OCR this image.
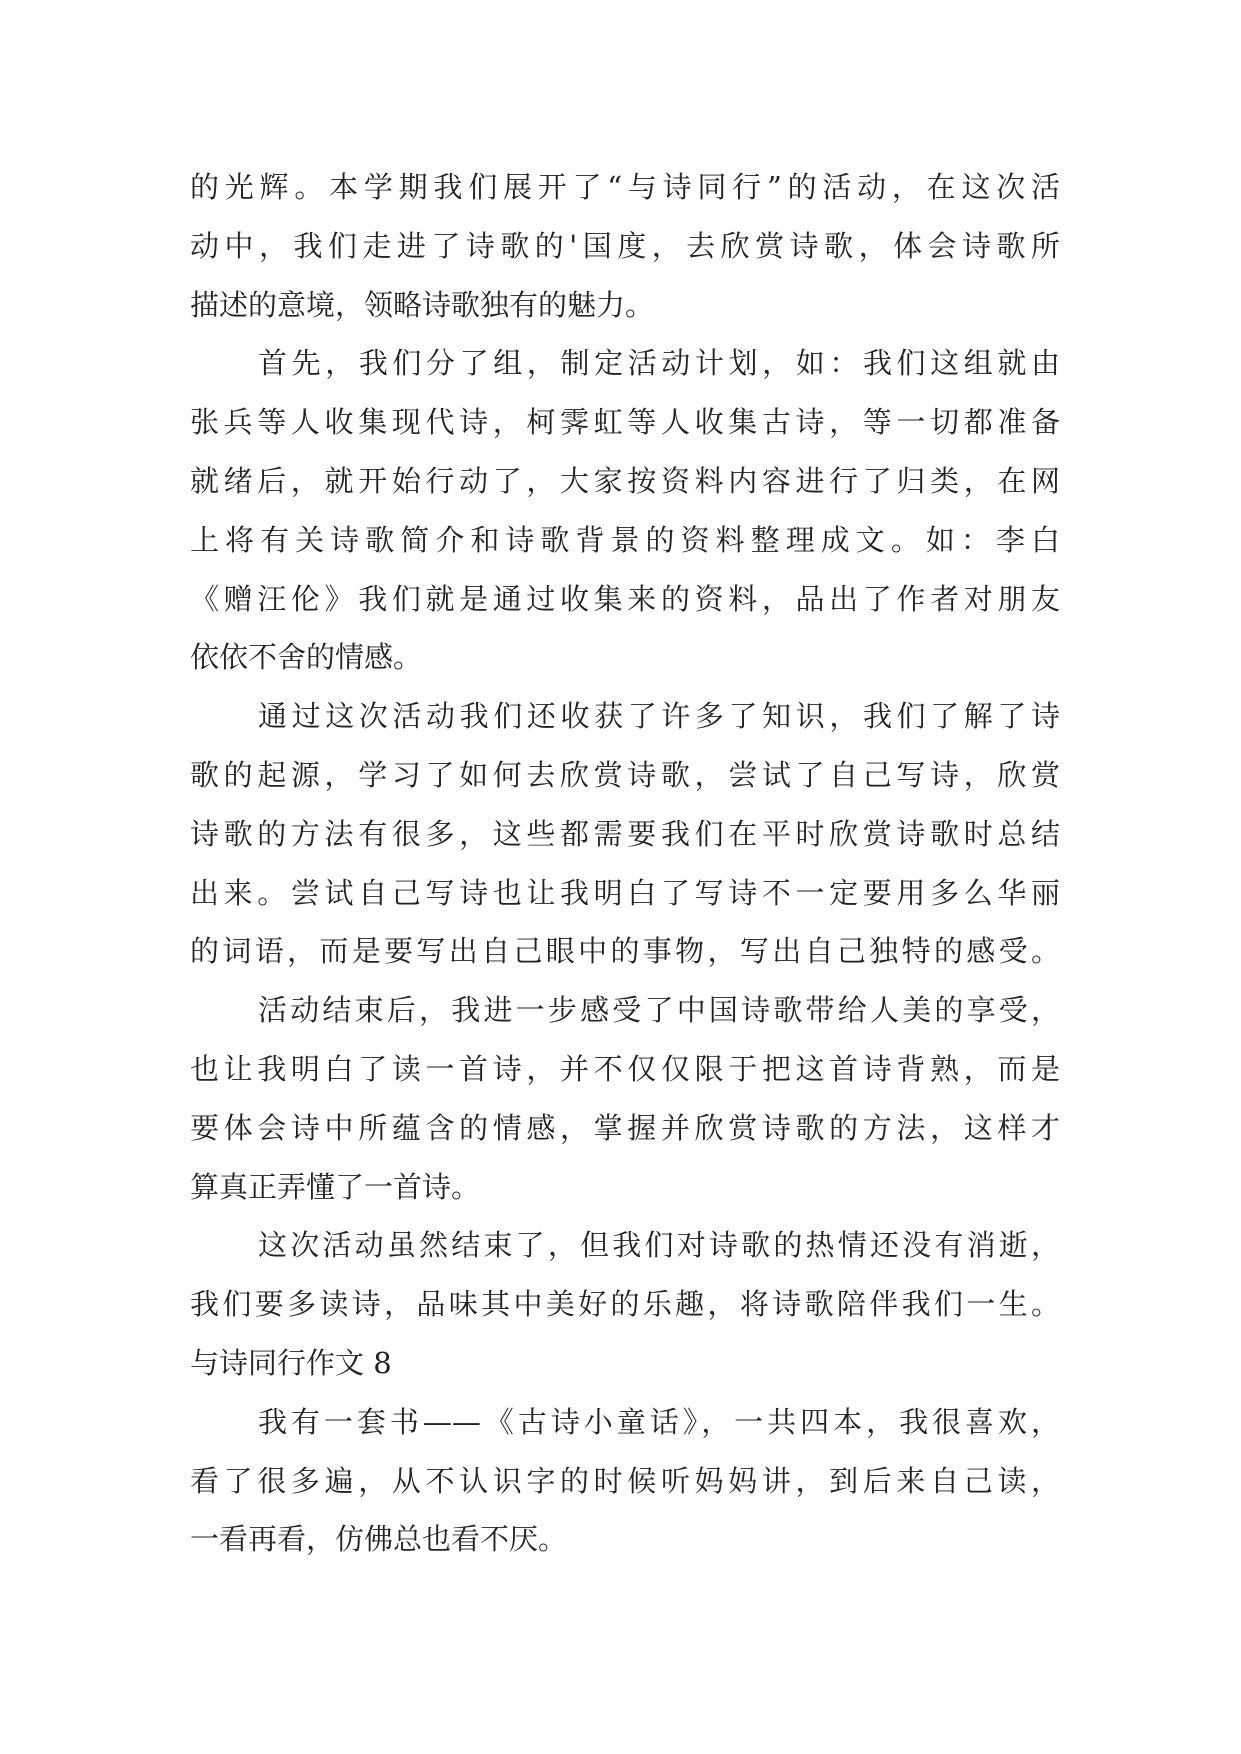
的光辉。本学期我们展开了“与诗同行”的活动，在这次活
动中，我们走进了诗歌的'国度，去欣赏诗歌，体会诗歌所
描述的意境，领略诗歌独有的魅力。
首先，我们分了组，制定活动计划，如：我们这组就由
张兵等人收集现代诗，柯霁虹等人收集古诗，等一切都准备
就绪后，就开始行动了，大家按资料内容进行了归类，在网
上将有关诗歌简介和诗歌背景的资料整理成文。如：李白
《赠汪伦》我们就是通过收集来的资料，品出了作者对朋友
依依不舍的情感。
通过这次活动我们还收获了许多了知识，我们了解了诗
歌的起源，学习了如何去欣赏诗歌，尝试了自己写诗，欣赏
诗歌的方法有很多，这些都需要我们在平时欣赏诗歌时总结
出来。尝试自己写诗也让我明白了写诗不一定要用多么华丽
的词语，而是要写出自己眼中的事物，写出自己独特的感受。
活动结束后，我进一步感受了中国诗歌带给人美的享受，
也让我明白了读一首诗，并不仅仅限于把这首诗背熟，而是
要体会诗中所蕴含的情感，掌握并欣赏诗歌的方法，这样才
算真正弄懂了一首诗。
这次活动虽然结束了，但我们对诗歌的热情还没有消逝，
我们要多读诗，品味其中美好的乐趣，将诗歌陪伴我们一生。
与诗同行作文 8
我有一套书——《古诗小童话》，一共四本，我很喜欢，
看了很多遍，从不认识字的时候听妈妈讲，到后来自己读，
一看再看，仿佛总也看不厌。
